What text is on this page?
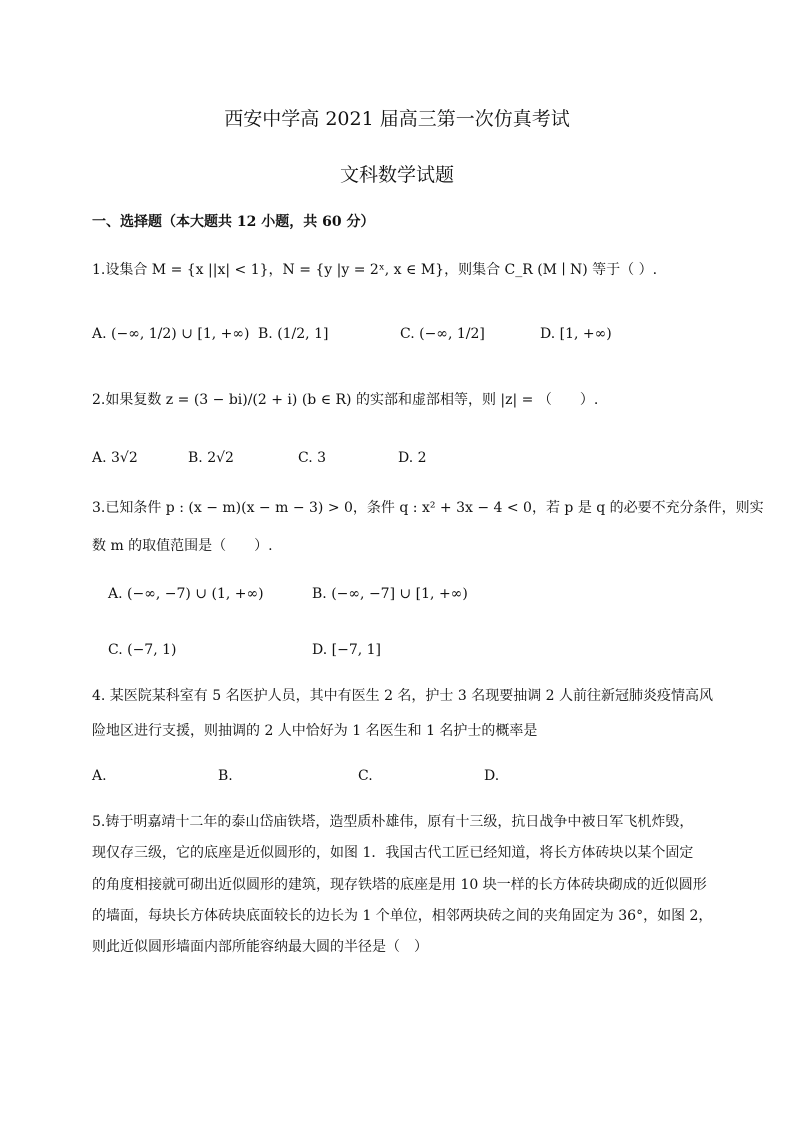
西安中学高 2021 届高三第一次仿真考试
文科数学试题
一、选择题（本大题共 12 小题，共 60 分）
1.设集合 M = {x ||x| < 1}，N = {y |y = 2ˣ, x ∈ M}，则集合 C_R (M ∣ N) 等于（ ）.
A. (−∞, 1/2) ∪ [1, +∞) B. (1/2, 1]	C. (−∞, 1/2]	D. [1, +∞)
2.如果复数 z = (3 − bi)/(2 + i) (b ∈ R) 的实部和虚部相等，则 |z| = （　　）.
A. 3√2	B. 2√2	C. 3	D. 2
3.已知条件 p : (x − m)(x − m − 3) > 0，条件 q : x² + 3x − 4 < 0，若 p 是 q 的必要不充分条件，则实
数 m 的取值范围是（　　）.
A. (−∞, −7) ∪ (1, +∞)	B. (−∞, −7] ∪ [1, +∞)
C. (−7, 1)	D. [−7, 1]
4. 某医院某科室有 5 名医护人员，其中有医生 2 名，护士 3 名现要抽调 2 人前往新冠肺炎疫情高风
险地区进行支援，则抽调的 2 人中恰好为 1 名医生和 1 名护士的概率是
A.	B.	C.	D.
5.铸于明嘉靖十二年的泰山岱庙铁塔，造型质朴雄伟，原有十三级，抗日战争中被日军飞机炸毁，
现仅存三级，它的底座是近似圆形的，如图 1．我国古代工匠已经知道，将长方体砖块以某个固定
的角度相接就可砌出近似圆形的建筑，现存铁塔的底座是用 10 块一样的长方体砖块砌成的近似圆形
的墙面，每块长方体砖块底面较长的边长为 1 个单位，相邻两块砖之间的夹角固定为 36°，如图 2，
则此近似圆形墙面内部所能容纳最大圆的半径是（　）
